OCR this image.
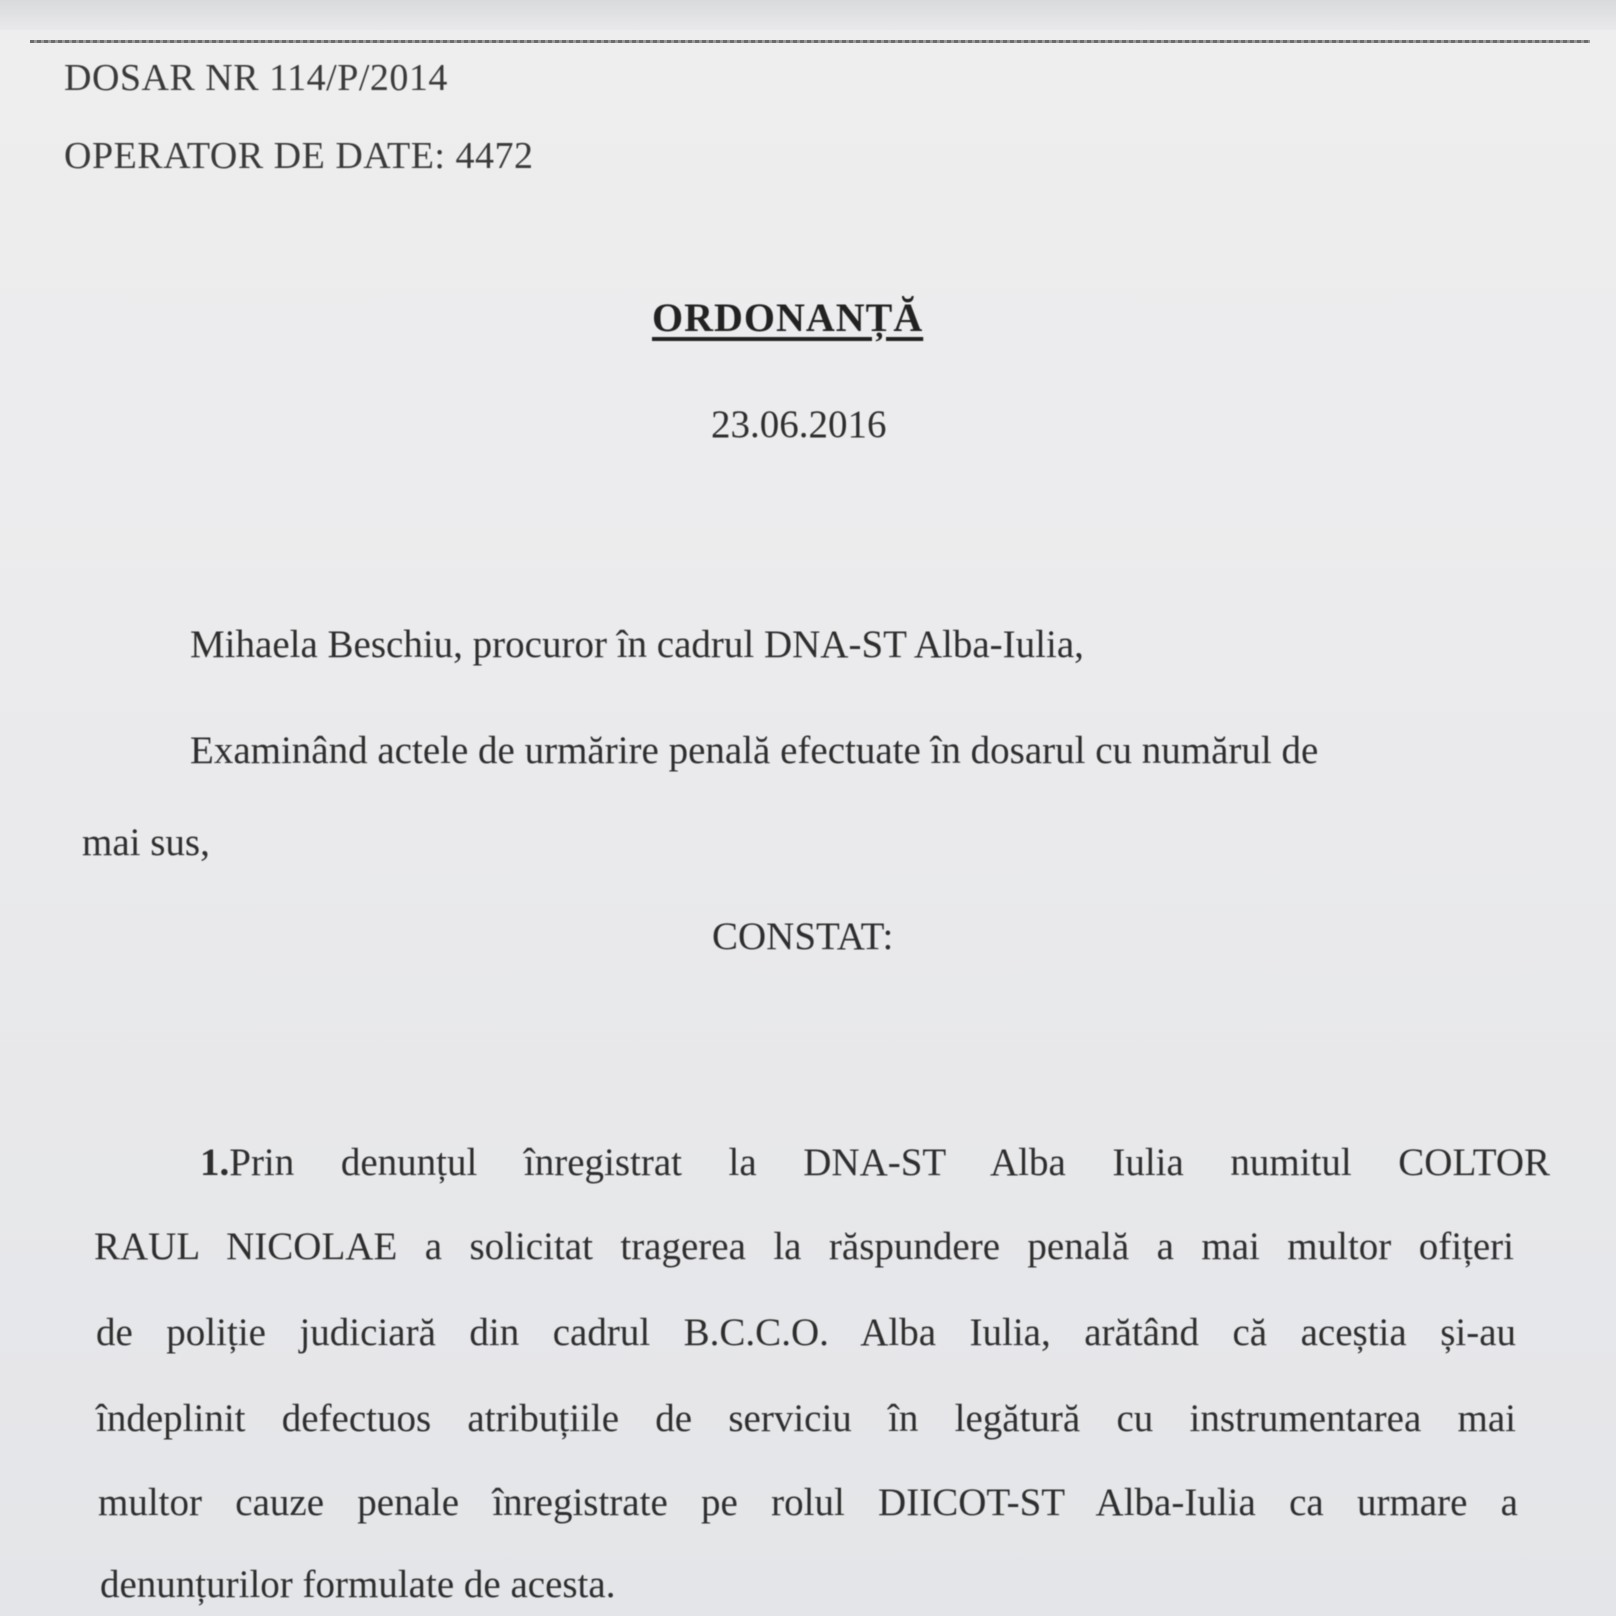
DOSAR NR 114/P/2014
OPERATOR DE DATE: 4472
ORDONANȚĂ
23.06.2016
Mihaela Beschiu, procuror în cadrul DNA-ST Alba-Iulia,
Examinând actele de urmărire penală efectuate în dosarul cu numărul de
mai sus,
CONSTAT:
1.Prin denunțul înregistrat la DNA-ST Alba Iulia numitul COLTOR
RAUL NICOLAE a solicitat tragerea la răspundere penală a mai multor ofițeri
de poliție judiciară din cadrul B.C.C.O. Alba Iulia, arătând că aceștia și-au
îndeplinit defectuos atribuțiile de serviciu în legătură cu instrumentarea mai
multor cauze penale înregistrate pe rolul DIICOT-ST Alba-Iulia ca urmare a
denunțurilor formulate de acesta.
